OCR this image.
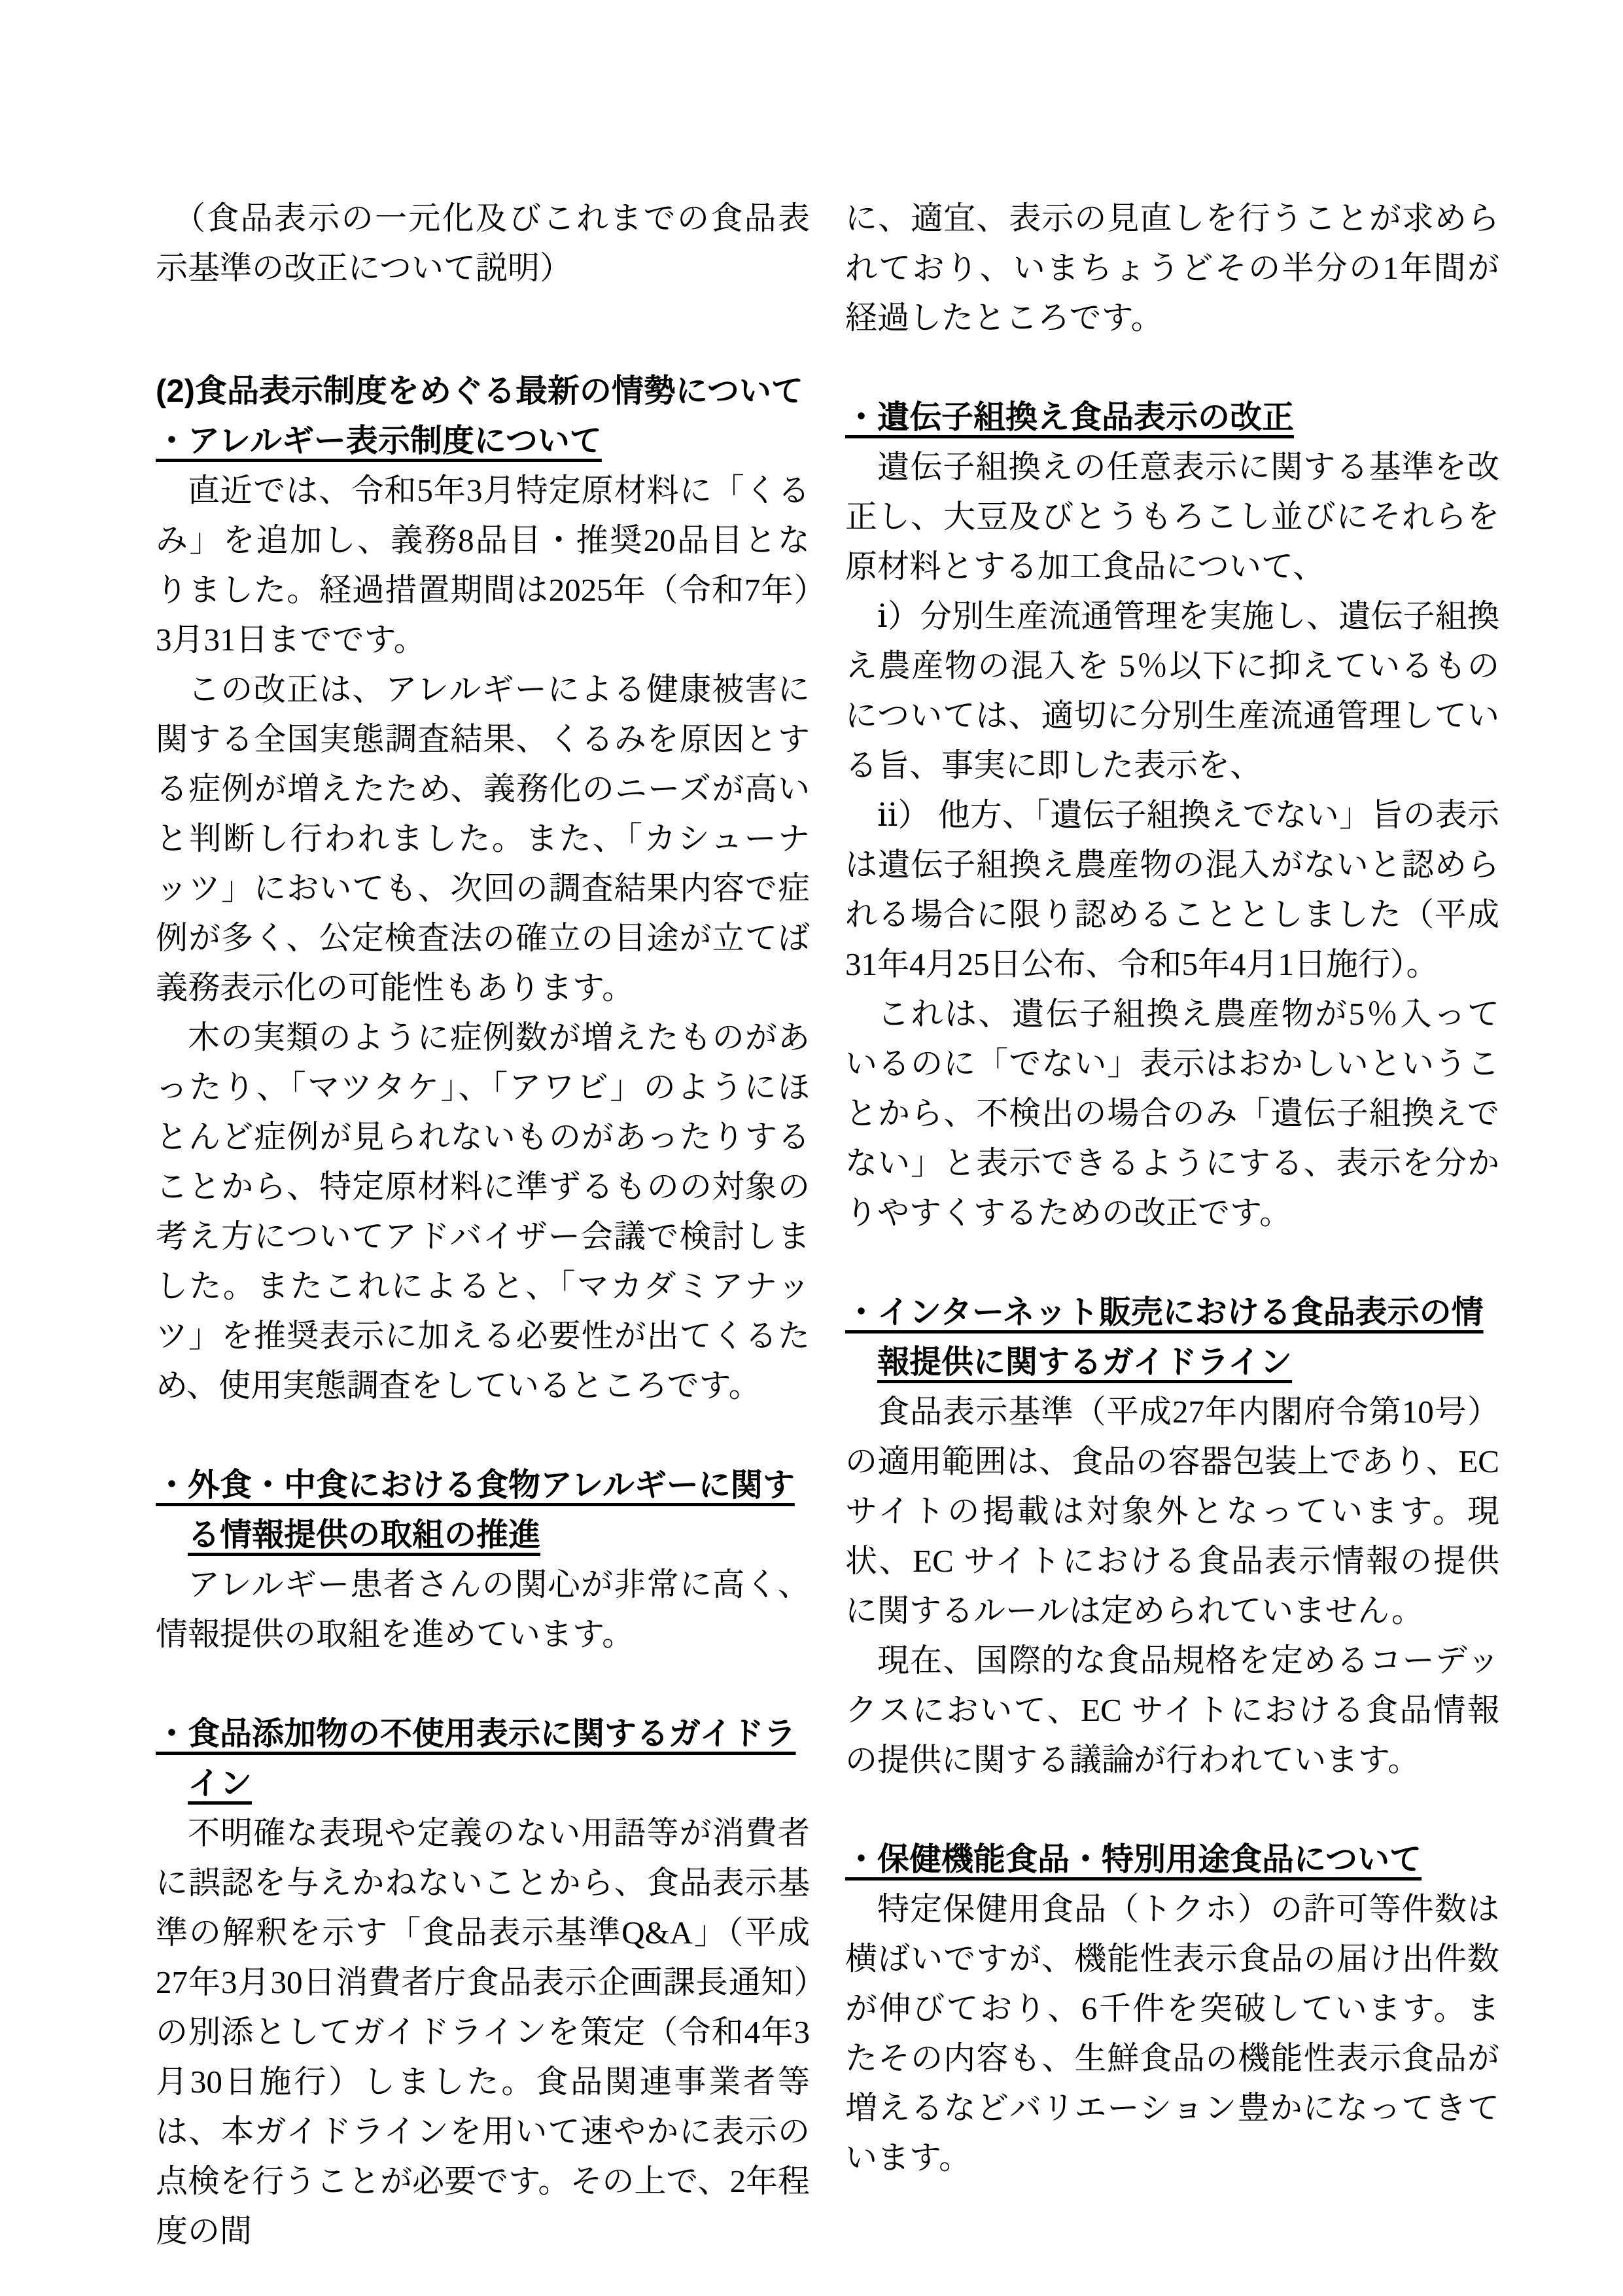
（食品表示の一元化及びこれまでの食品表示基準の改正について説明）

(2)食品表示制度をめぐる最新の情勢について

・アレルギー表示制度について

直近では、令和5年3月特定原材料に「くるみ」を追加し、義務8品目・推奨20品目となりました。経過措置期間は2025年（令和7年）3月31日までです。

この改正は、アレルギーによる健康被害に関する全国実態調査結果、くるみを原因とする症例が増えたため、義務化のニーズが高いと判断し行われました。また、「カシューナッツ」においても、次回の調査結果内容で症例が多く、公定検査法の確立の目途が立てば義務表示化の可能性もあります。

木の実類のように症例数が増えたものがあったり、「マツタケ」、「アワビ」のようにほとんど症例が見られないものがあったりすることから、特定原材料に準ずるものの対象の考え方についてアドバイザー会議で検討しました。またこれによると、「マカダミアナッツ」を推奨表示に加える必要性が出てくるため、使用実態調査をしているところです。

・外食・中食における食物アレルギーに関する情報提供の取組の推進

アレルギー患者さんの関心が非常に高く、情報提供の取組を進めています。

・食品添加物の不使用表示に関するガイドライン

不明確な表現や定義のない用語等が消費者に誤認を与えかねないことから、食品表示基準の解釈を示す「食品表示基準Q&A」（平成27年3月30日消費者庁食品表示企画課長通知）の別添としてガイドラインを策定（令和4年3月30日施行）しました。食品関連事業者等は、本ガイドラインを用いて速やかに表示の点検を行うことが必要です。その上で、2年程度の間

に、適宜、表示の見直しを行うことが求められており、いまちょうどその半分の1年間が経過したところです。

・遺伝子組換え食品表示の改正

遺伝子組換えの任意表示に関する基準を改正し、大豆及びとうもろこし並びにそれらを原材料とする加工食品について、

ⅰ）分別生産流通管理を実施し、遺伝子組換え農産物の混入を 5％以下に抑えているものについては、適切に分別生産流通管理している旨、事実に即した表示を、

ⅱ） 他方、「遺伝子組換えでない」旨の表示は遺伝子組換え農産物の混入がないと認められる場合に限り認めることとしました（平成31年4月25日公布、令和5年4月1日施行）。

これは、遺伝子組換え農産物が5％入っているのに「でない」表示はおかしいということから、不検出の場合のみ「遺伝子組換えでない」と表示できるようにする、表示を分かりやすくするための改正です。

・インターネット販売における食品表示の情報提供に関するガイドライン

食品表示基準（平成27年内閣府令第10号）の適用範囲は、食品の容器包装上であり、EC サイトの掲載は対象外となっています。現状、EC サイトにおける食品表示情報の提供に関するルールは定められていません。

現在、国際的な食品規格を定めるコーデックスにおいて、EC サイトにおける食品情報の提供に関する議論が行われています。

・保健機能食品・特別用途食品について

特定保健用食品（トクホ）の許可等件数は横ばいですが、機能性表示食品の届け出件数が伸びており、6千件を突破しています。またその内容も、生鮮食品の機能性表示食品が増えるなどバリエーション豊かになってきています。
